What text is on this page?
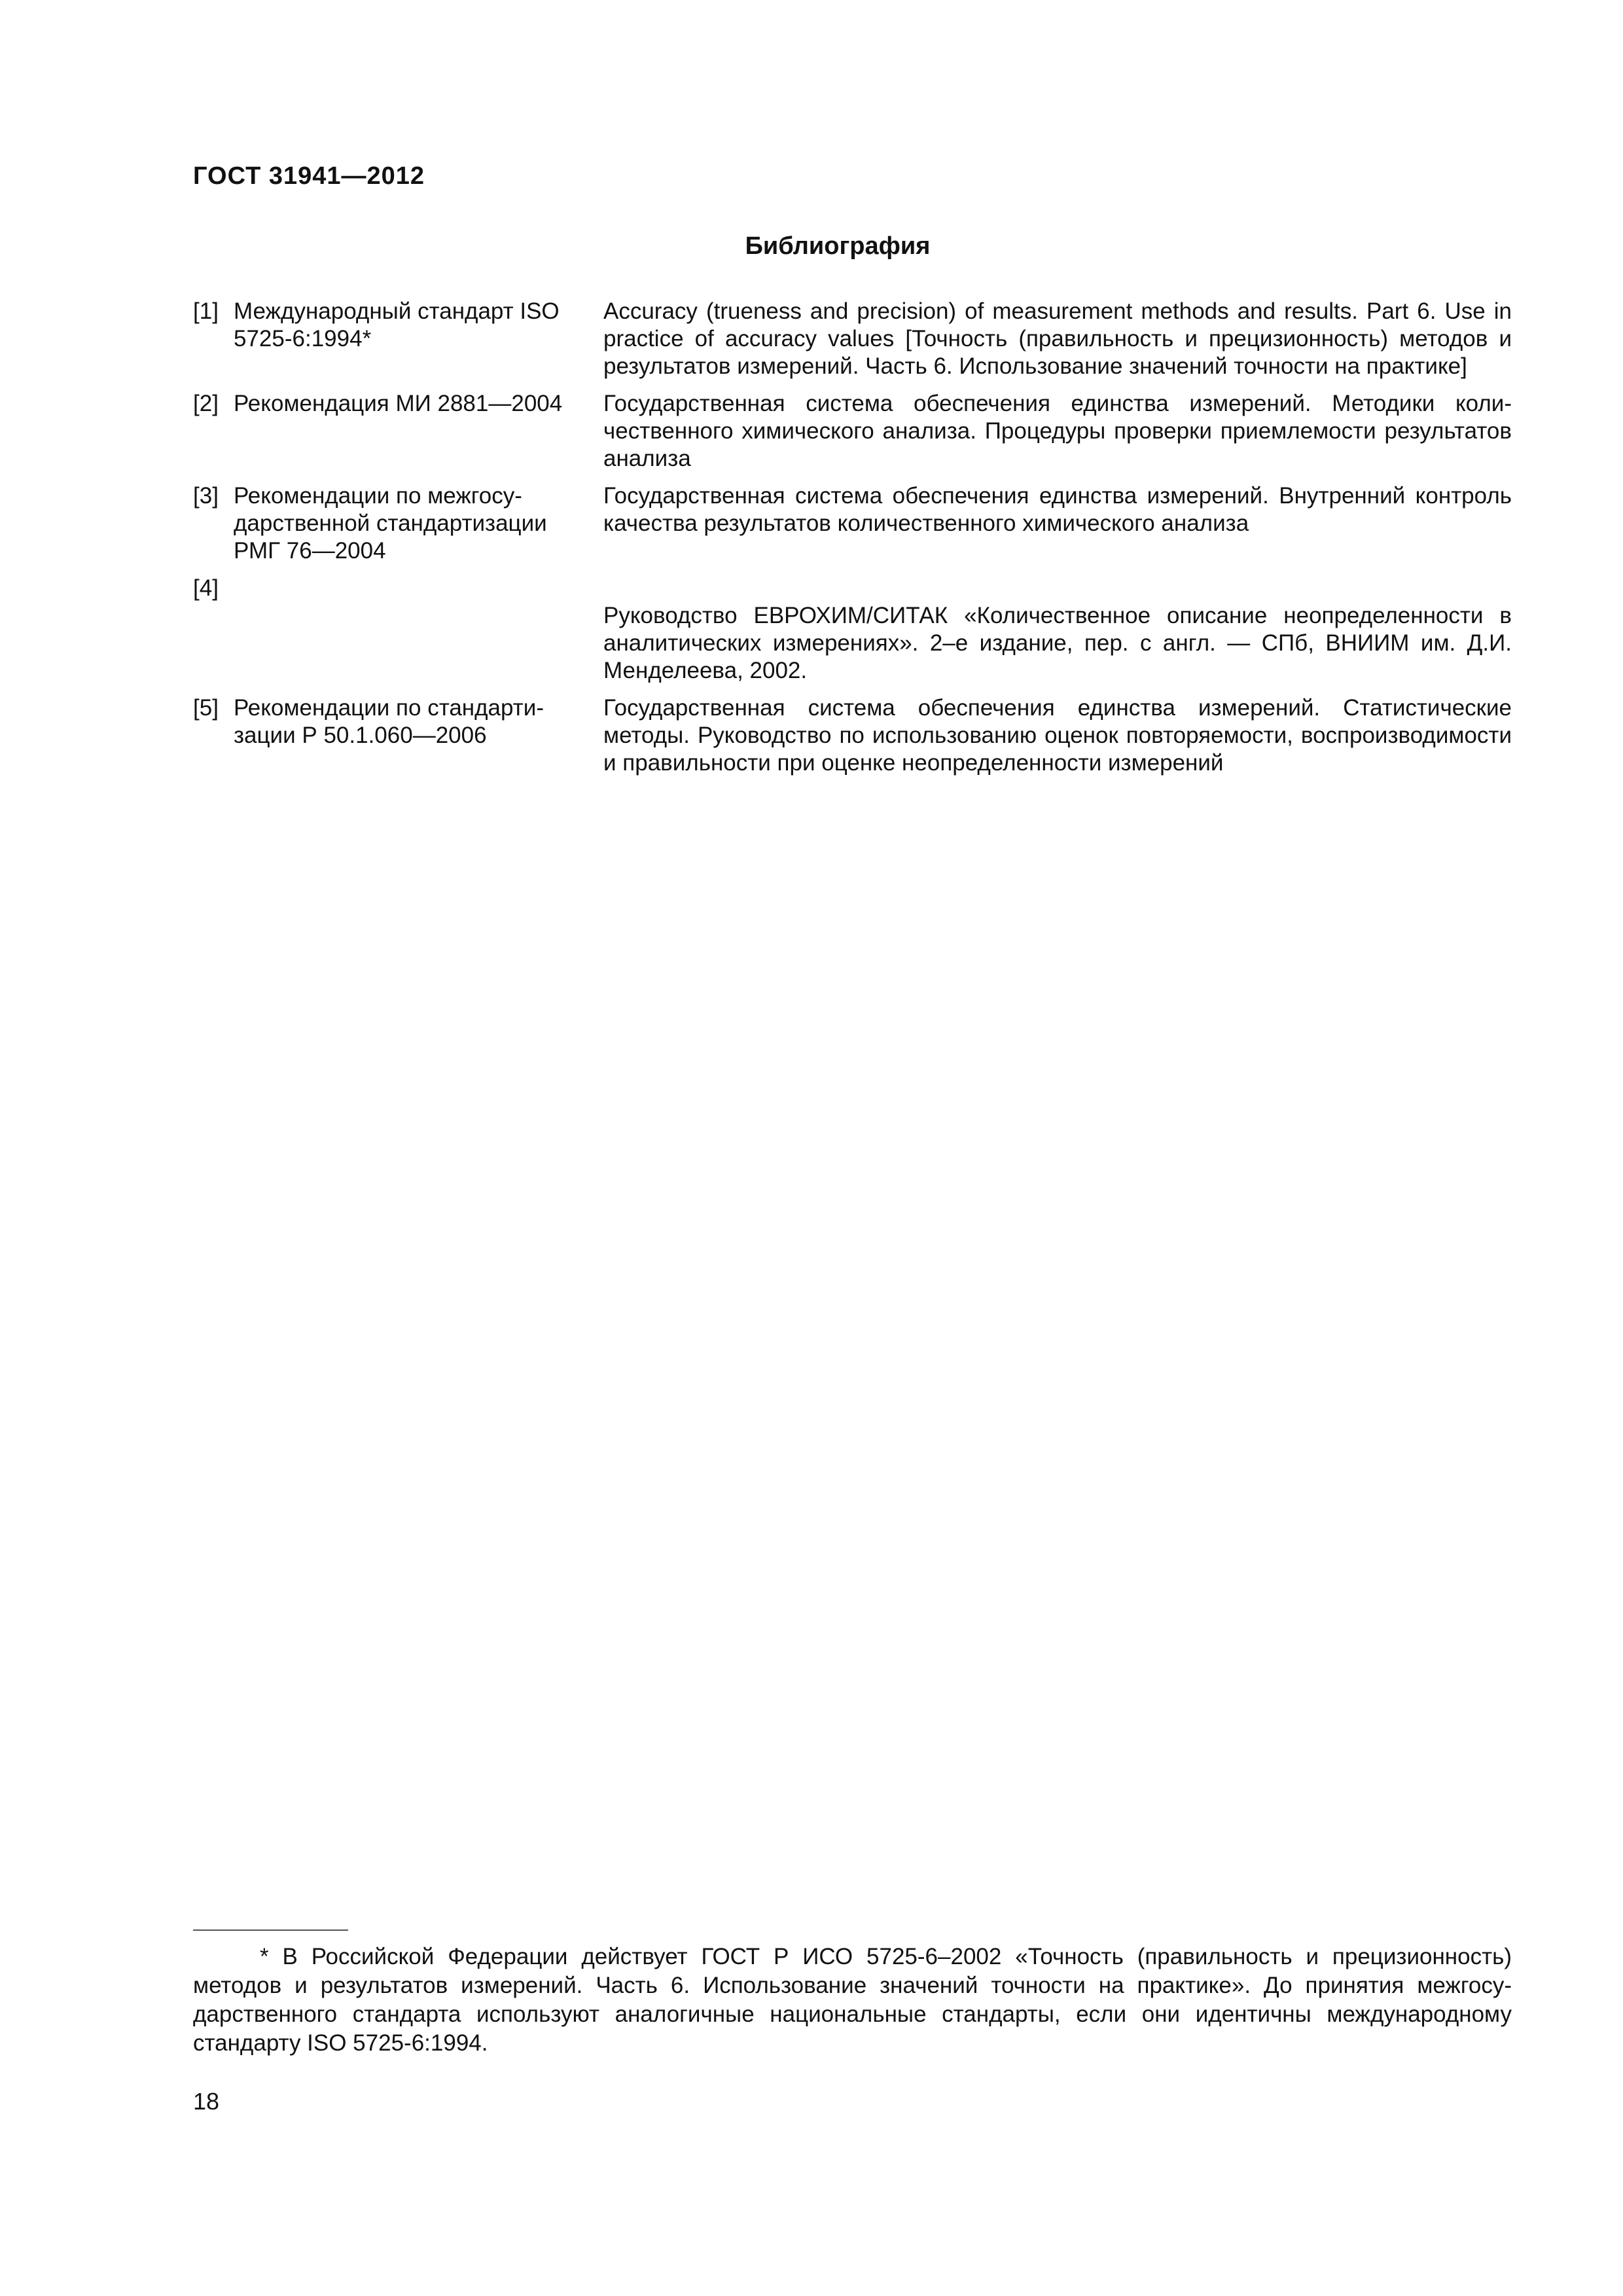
ГОСТ 31941—2012
Библиография
[1] Международный стандарт ISO 5725-6:1994*
Accuracy (trueness and precision) of measurement methods and results. Part 6. Use in practice of accuracy values [Точность (правильность и прецизионность) методов и результатов измерений. Часть 6. Использование значений точности на практике]
[2] Рекомендация МИ 2881—2004	Государственная система обеспечения единства измерений. Методики количественного химического анализа. Процедуры проверки приемлемости результатов анализа
[3] Рекомендации по межгосударственной стандартизации РМГ 76—2004
Государственная система обеспечения единства измерений. Внутренний контроль качества результатов количественного химического анализа
[4]
Руководство ЕВРОХИМ/СИТАК «Количественное описание неопределенности в аналитических измерениях». 2–е издание, пер. с англ. — СПб, ВНИИМ им. Д.И. Менделеева, 2002.
[5] Рекомендации по стандартизации Р 50.1.060—2006
Государственная система обеспечения единства измерений. Статистические методы. Руководство по использованию оценок повторяемости, воспроизводимости и правильности при оценке неопределенности измерений
* В Российской Федерации действует ГОСТ Р ИСО 5725-6–2002 «Точность (правильность и прецизионность) методов и результатов измерений. Часть 6. Использование значений точности на практике». До принятия межгосударственного стандарта используют аналогичные национальные стандарты, если они идентичны международному стандарту ISO 5725-6:1994.
18
